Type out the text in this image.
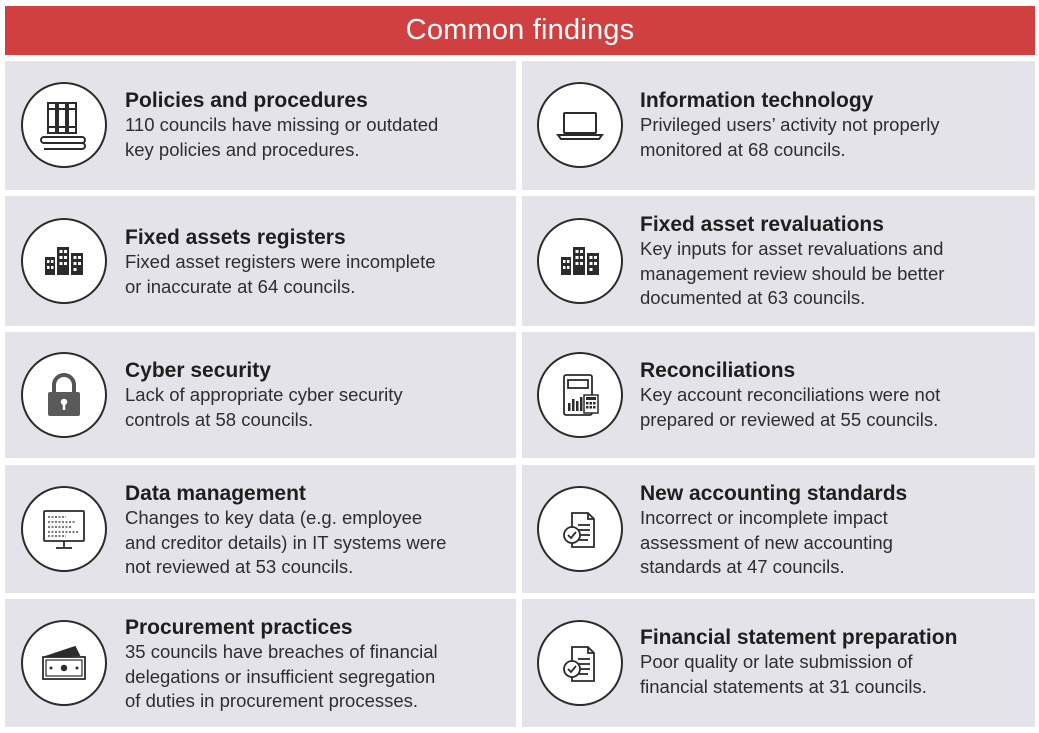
Common findings

Policies and procedures

110 councils have missing or outdated

key policies and procedures.

Information technology

Privileged users’ activity not properly

monitored at 68 councils.

Fixed assets registers

Fixed asset registers were incomplete

or inaccurate at 64 councils.

Fixed asset revaluations

Key inputs for asset revaluations and

management review should be better

documented at 63 councils.

Cyber security

Lack of appropriate cyber security

controls at 58 councils.

Reconciliations

Key account reconciliations were not

prepared or reviewed at 55 councils.

Data management

Changes to key data (e.g. employee

and creditor details) in IT systems were

not reviewed at 53 councils.

New accounting standards

Incorrect or incomplete impact

assessment of new accounting

standards at 47 councils.

Procurement practices

35 councils have breaches of financial

delegations or insufficient segregation

of duties in procurement processes.

Financial statement preparation

Poor quality or late submission of

financial statements at 31 councils.
